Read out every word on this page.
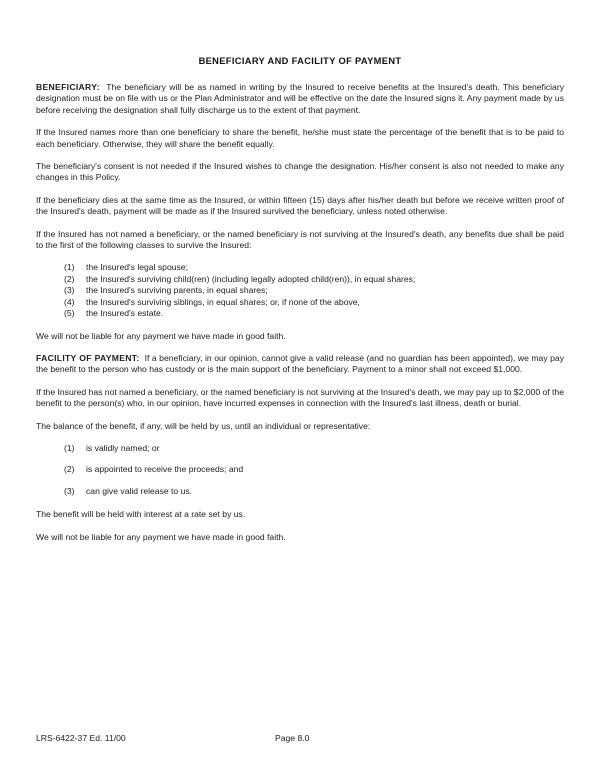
BENEFICIARY AND FACILITY OF PAYMENT

BENEFICIARY: The beneficiary will be as named in writing by the Insured to receive benefits at the Insured's death. This beneficiary designation must be on file with us or the Plan Administrator and will be effective on the date the Insured signs it. Any payment made by us before receiving the designation shall fully discharge us to the extent of that payment.

If the Insured names more than one beneficiary to share the benefit, he/she must state the percentage of the benefit that is to be paid to each beneficiary. Otherwise, they will share the benefit equally.

The beneficiary's consent is not needed if the Insured wishes to change the designation. His/her consent is also not needed to make any changes in this Policy.

If the beneficiary dies at the same time as the Insured, or within fifteen (15) days after his/her death but before we receive written proof of the Insured's death, payment will be made as if the Insured survived the beneficiary, unless noted otherwise.

If the Insured has not named a beneficiary, or the named beneficiary is not surviving at the Insured's death, any benefits due shall be paid to the first of the following classes to survive the Insured:

(1)	the Insured's legal spouse;
(2)	the Insured's surviving child(ren) (including legally adopted child(ren)), in equal shares;
(3)	the Insured's surviving parents, in equal shares;
(4)	the Insured's surviving siblings, in equal shares; or, if none of the above,
(5)	the Insured's estate.

We will not be liable for any payment we have made in good faith.

FACILITY OF PAYMENT: If a beneficiary, in our opinion, cannot give a valid release (and no guardian has been appointed), we may pay the benefit to the person who has custody or is the main support of the beneficiary. Payment to a minor shall not exceed $1,000.

If the Insured has not named a beneficiary, or the named beneficiary is not surviving at the Insured's death, we may pay up to $2,000 of the benefit to the person(s) who, in our opinion, have incurred expenses in connection with the Insured's last illness, death or burial.

The balance of the benefit, if any, will be held by us, until an individual or representative:

(1)	is validly named; or
(2)	is appointed to receive the proceeds; and
(3)	can give valid release to us.

The benefit will be held with interest at a rate set by us.

We will not be liable for any payment we have made in good faith.

LRS-6422-37 Ed. 11/00	Page 8.0
